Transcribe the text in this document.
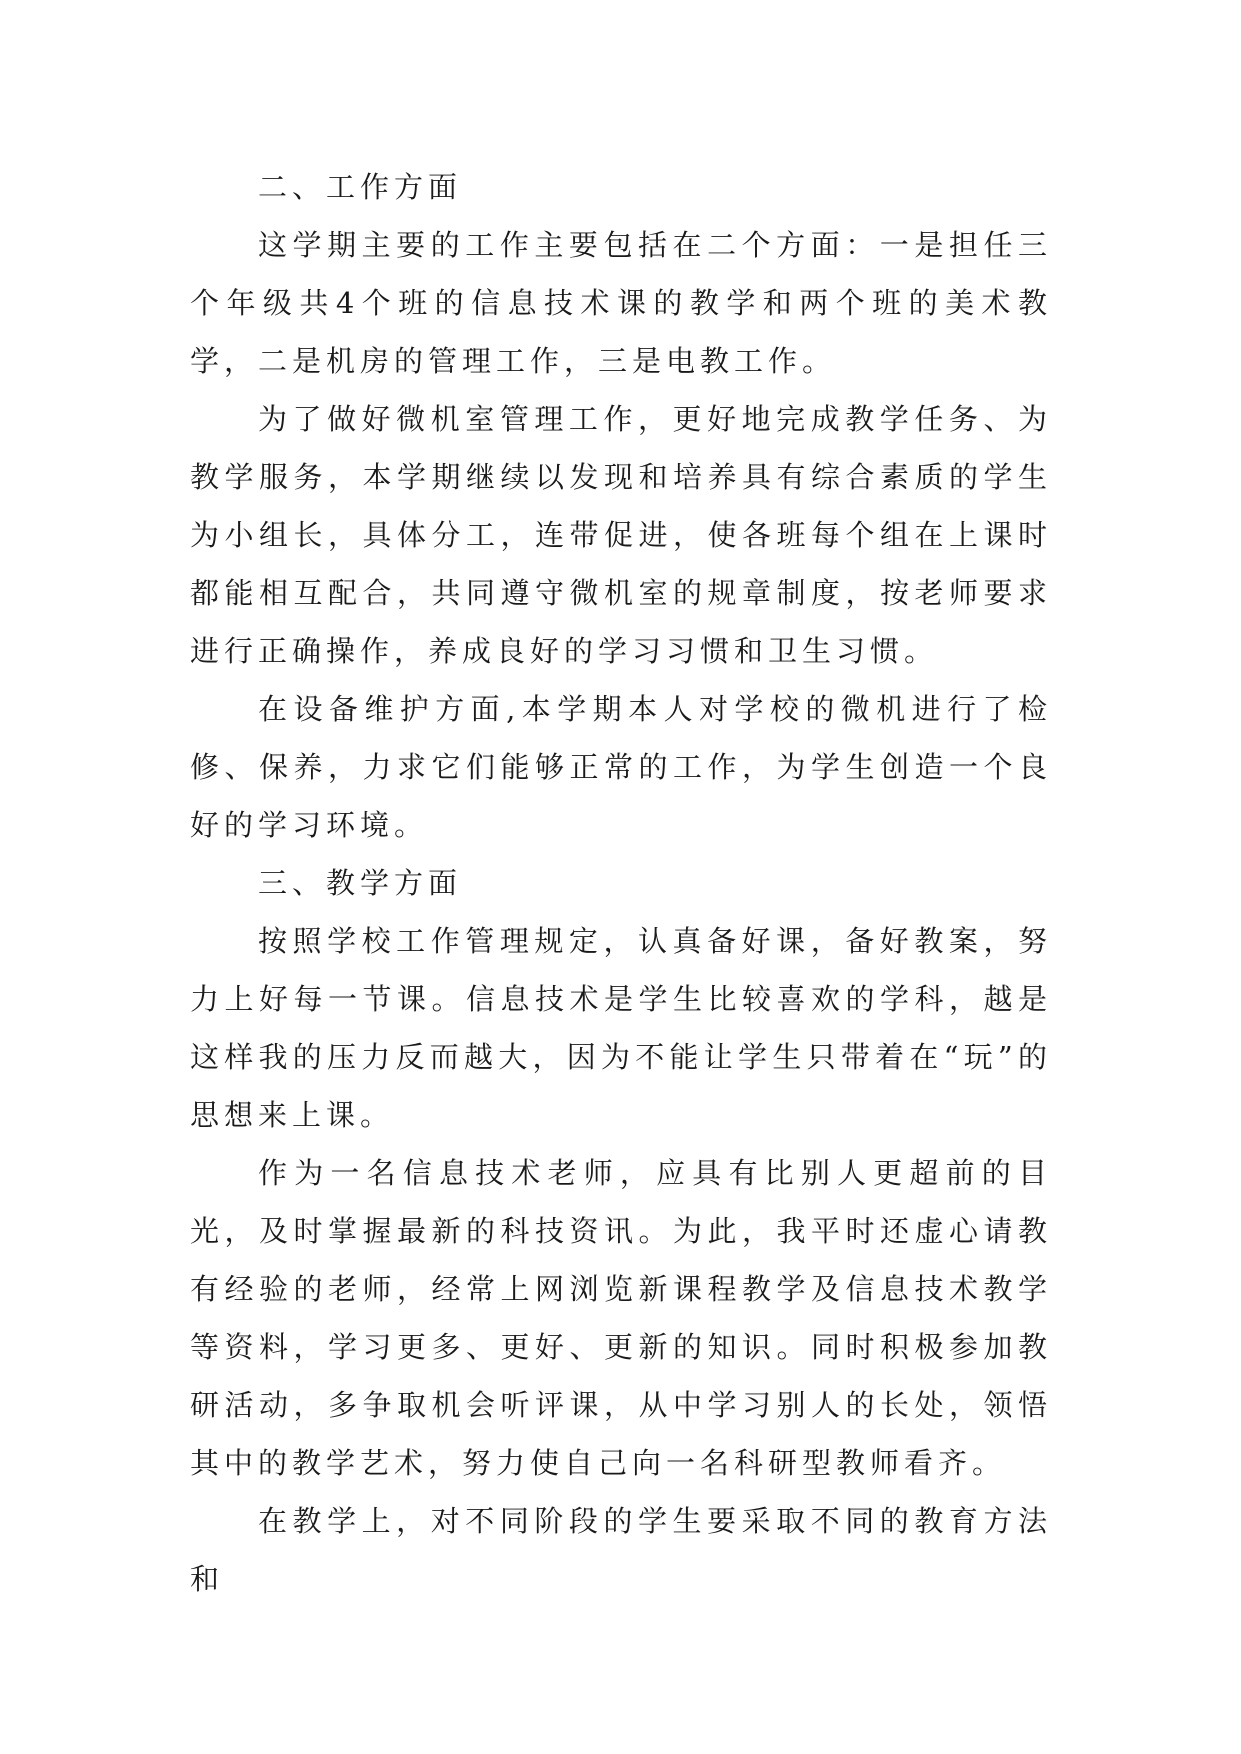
二、工作方面

这学期主要的工作主要包括在二个方面：一是担任三个年级共4个班的信息技术课的教学和两个班的美术教学，二是机房的管理工作，三是电教工作。

为了做好微机室管理工作，更好地完成教学任务、为教学服务，本学期继续以发现和培养具有综合素质的学生为小组长，具体分工，连带促进，使各班每个组在上课时都能相互配合，共同遵守微机室的规章制度，按老师要求进行正确操作，养成良好的学习习惯和卫生习惯。

在设备维护方面,本学期本人对学校的微机进行了检修、保养，力求它们能够正常的工作，为学生创造一个良好的学习环境。

三、教学方面

按照学校工作管理规定，认真备好课，备好教案，努力上好每一节课。信息技术是学生比较喜欢的学科，越是这样我的压力反而越大，因为不能让学生只带着在“玩”的思想来上课。

作为一名信息技术老师，应具有比别人更超前的目光，及时掌握最新的科技资讯。为此，我平时还虚心请教有经验的老师，经常上网浏览新课程教学及信息技术教学等资料，学习更多、更好、更新的知识。同时积极参加教研活动，多争取机会听评课，从中学习别人的长处，领悟其中的教学艺术，努力使自己向一名科研型教师看齐。

在教学上，对不同阶段的学生要采取不同的教育方法和
